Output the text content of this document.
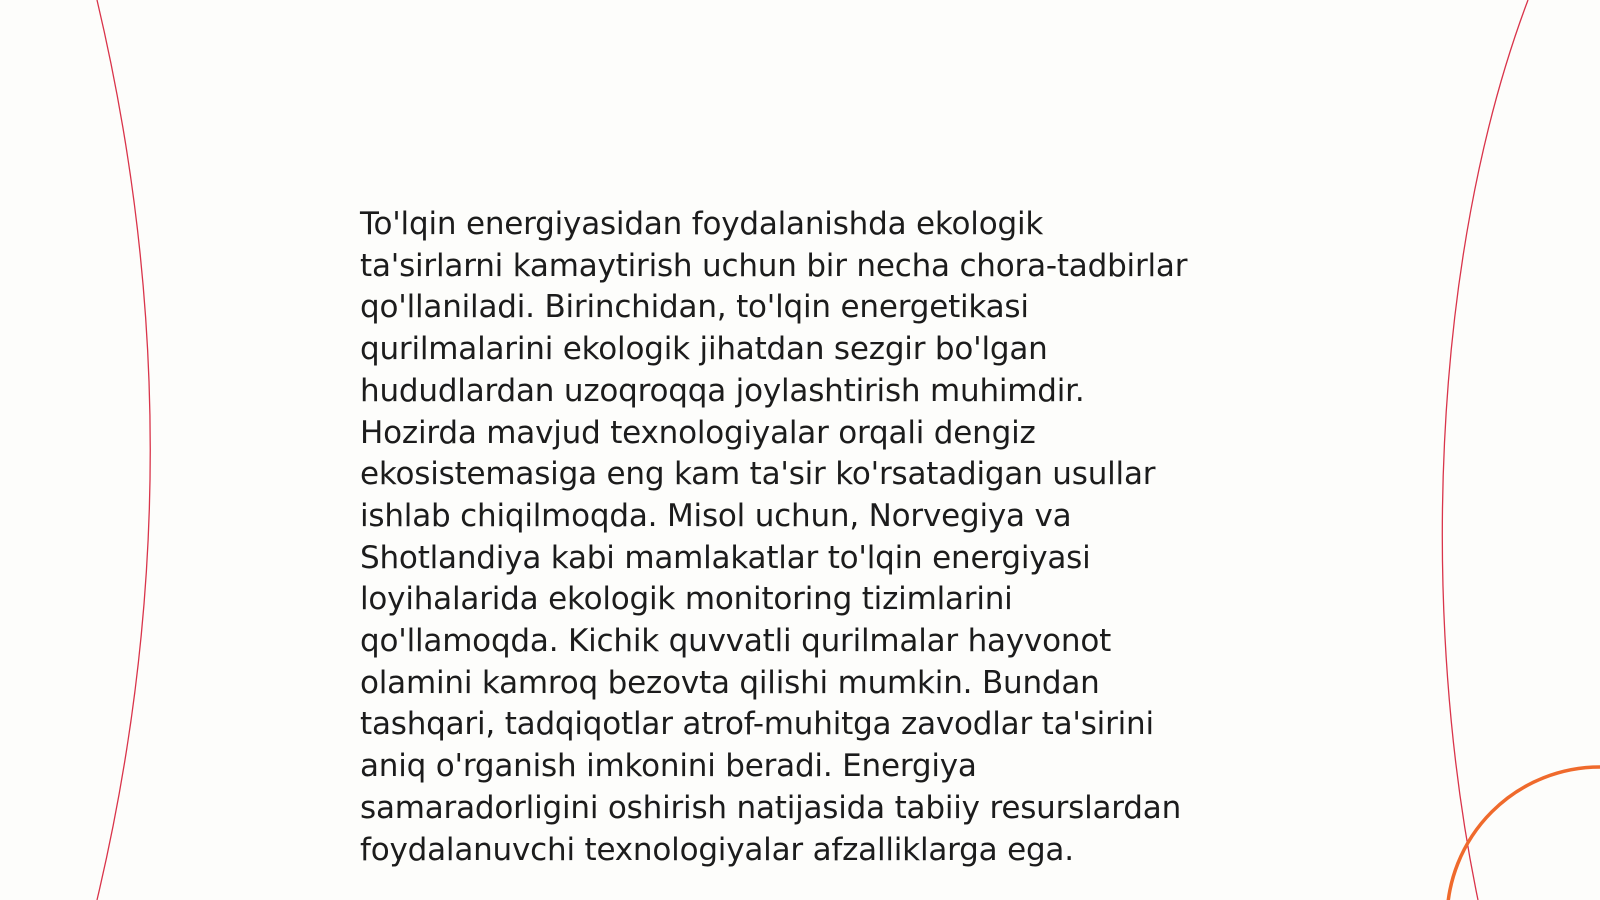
To'lqin energiyasidan foydalanishda ekologik
ta'sirlarni kamaytirish uchun bir necha chora-tadbirlar
qo'llaniladi. Birinchidan, to'lqin energetikasi
qurilmalarini ekologik jihatdan sezgir bo'lgan
hududlardan uzoqroqqa joylashtirish muhimdir.
Hozirda mavjud texnologiyalar orqali dengiz
ekosistemasiga eng kam ta'sir ko'rsatadigan usullar
ishlab chiqilmoqda. Misol uchun, Norvegiya va
Shotlandiya kabi mamlakatlar to'lqin energiyasi
loyihalarida ekologik monitoring tizimlarini
qo'llamoqda. Kichik quvvatli qurilmalar hayvonot
olamini kamroq bezovta qilishi mumkin. Bundan
tashqari, tadqiqotlar atrof-muhitga zavodlar ta'sirini
aniq o'rganish imkonini beradi. Energiya
samaradorligini oshirish natijasida tabiiy resurslardan
foydalanuvchi texnologiyalar afzalliklarga ega.
